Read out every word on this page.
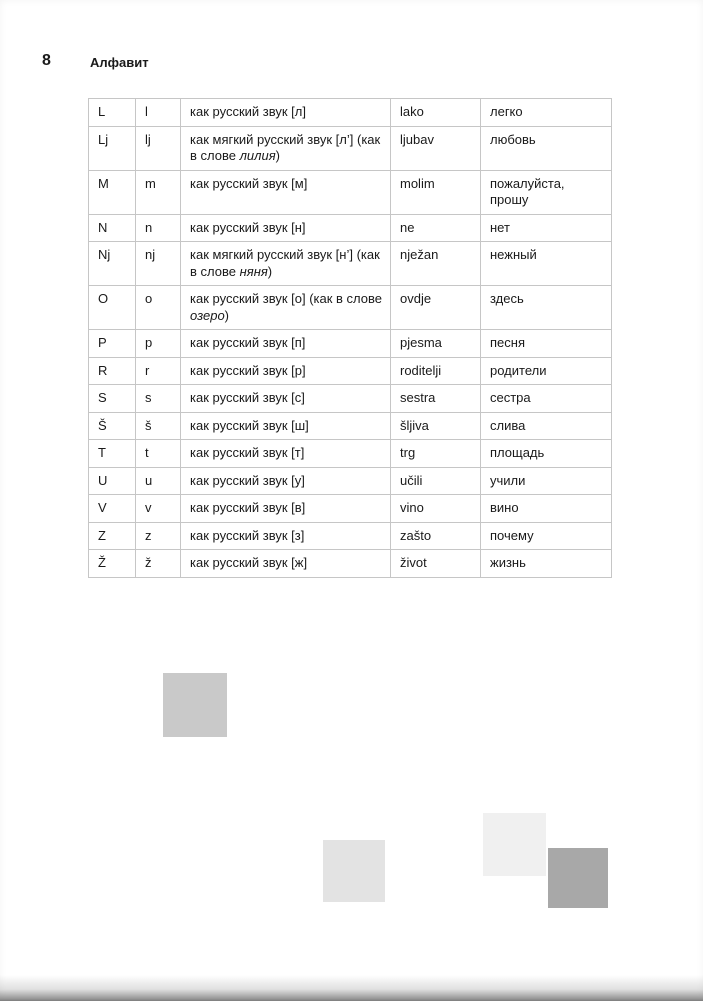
8	Алфавит
L	l	как русский звук [л]	lako	легко
Lj	lj	как мягкий русский звук [л’] (как в слове лилия)	ljubav	любовь
M	m	как русский звук [м]	molim	пожалуйста, прошу
N	n	как русский звук [н]	ne	нет
Nj	nj	как мягкий русский звук [н’] (как в слове няня)	nježan	нежный
O	o	как русский звук [о] (как в слове озеро)	ovdje	здесь
P	p	как русский звук [п]	pjesma	песня
R	r	как русский звук [р]	roditelji	родители
S	s	как русский звук [с]	sestra	сестра
Š	š	как русский звук [ш]	šljiva	слива
T	t	как русский звук [т]	trg	площадь
U	u	как русский звук [у]	učili	учили
V	v	как русский звук [в]	vino	вино
Z	z	как русский звук [з]	zašto	почему
Ž	ž	как русский звук [ж]	život	жизнь
